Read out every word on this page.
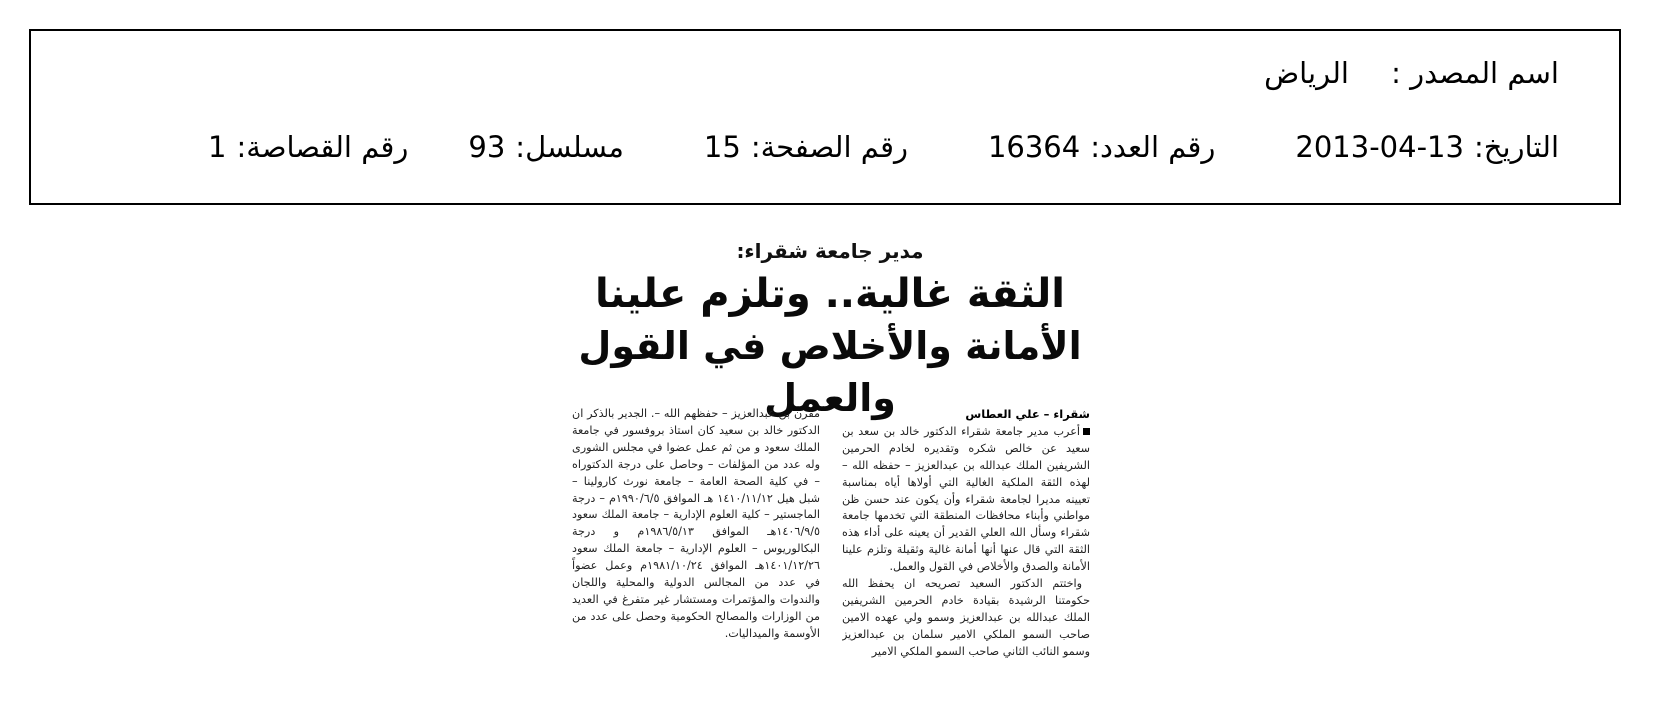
اسم المصدر :
الرياض
التاريخ:
2013-04-13
رقم العدد:
16364
رقم الصفحة:
15
مسلسل:
93
رقم القصاصة:
1
مدير جامعة شقراء:
الثقة غالية.. وتلزم علينا
الأمانة والأخلاص في القول والعمل	شقراء – علي العطاس

أعرب مدير جامعة شقراء الدكتور خالد بن سعد بن سعيد عن خالص شكره وتقديره لخادم الحرمين الشريفين الملك عبدالله بن عبدالعزيز – حفظه الله – لهذه الثقة الملكية الغالية التي أولاها أياه بمناسبة تعيينه مديرا لجامعة شقراء وأن يكون عند حسن ظن مواطني وأبناء محافظات المنطقة التي تخدمها جامعة شقراء وسأل الله العلي القدير أن يعينه على أداء هذه الثقة التي قال عنها أنها أمانة غالية وثقيلة وتلزم علينا الأمانة والصدق والأخلاص في القول والعمل.

واختتم الدكتور السعيد تصريحه ان يحفظ الله حكومتنا الرشيدة بقيادة خادم الحرمين الشريفين الملك عبدالله بن عبدالعزيز وسمو ولي عهده الامين صاحب السمو الملكي الامير سلمان بن عبدالعزيز وسمو النائب الثاني صاحب السمو الملكي الامير

مقرن بن عبدالعزيز – حفظهم الله –. الجدير بالذكر ان الدكتور خالد بن سعيد كان استاذ بروفسور في جامعة الملك سعود و من ثم عمل عضوا في مجلس الشورى وله عدد من المؤلفات – وحاصل على درجة الدكتوراه – في كلية الصحة العامة – جامعة نورث كارولينا – شبل هيل ١٤١٠/١١/١٢ هـ الموافق ١٩٩٠/٦/٥م – درجة الماجستير – كلية العلوم الإدارية – جامعة الملك سعود ١٤٠٦/٩/٥هـ الموافق ١٩٨٦/٥/١٣م و درجة البكالوريوس – العلوم الإدارية – جامعة الملك سعود ١٤٠١/١٢/٢٦هـ الموافق ١٩٨١/١٠/٢٤م وعمل عضواً في عدد من المجالس الدولية والمحلية واللجان والندوات والمؤتمرات ومستشار غير متفرغ في العديد من الوزارات والمصالح الحكومية وحصل على عدد من الأوسمة والميداليات.
